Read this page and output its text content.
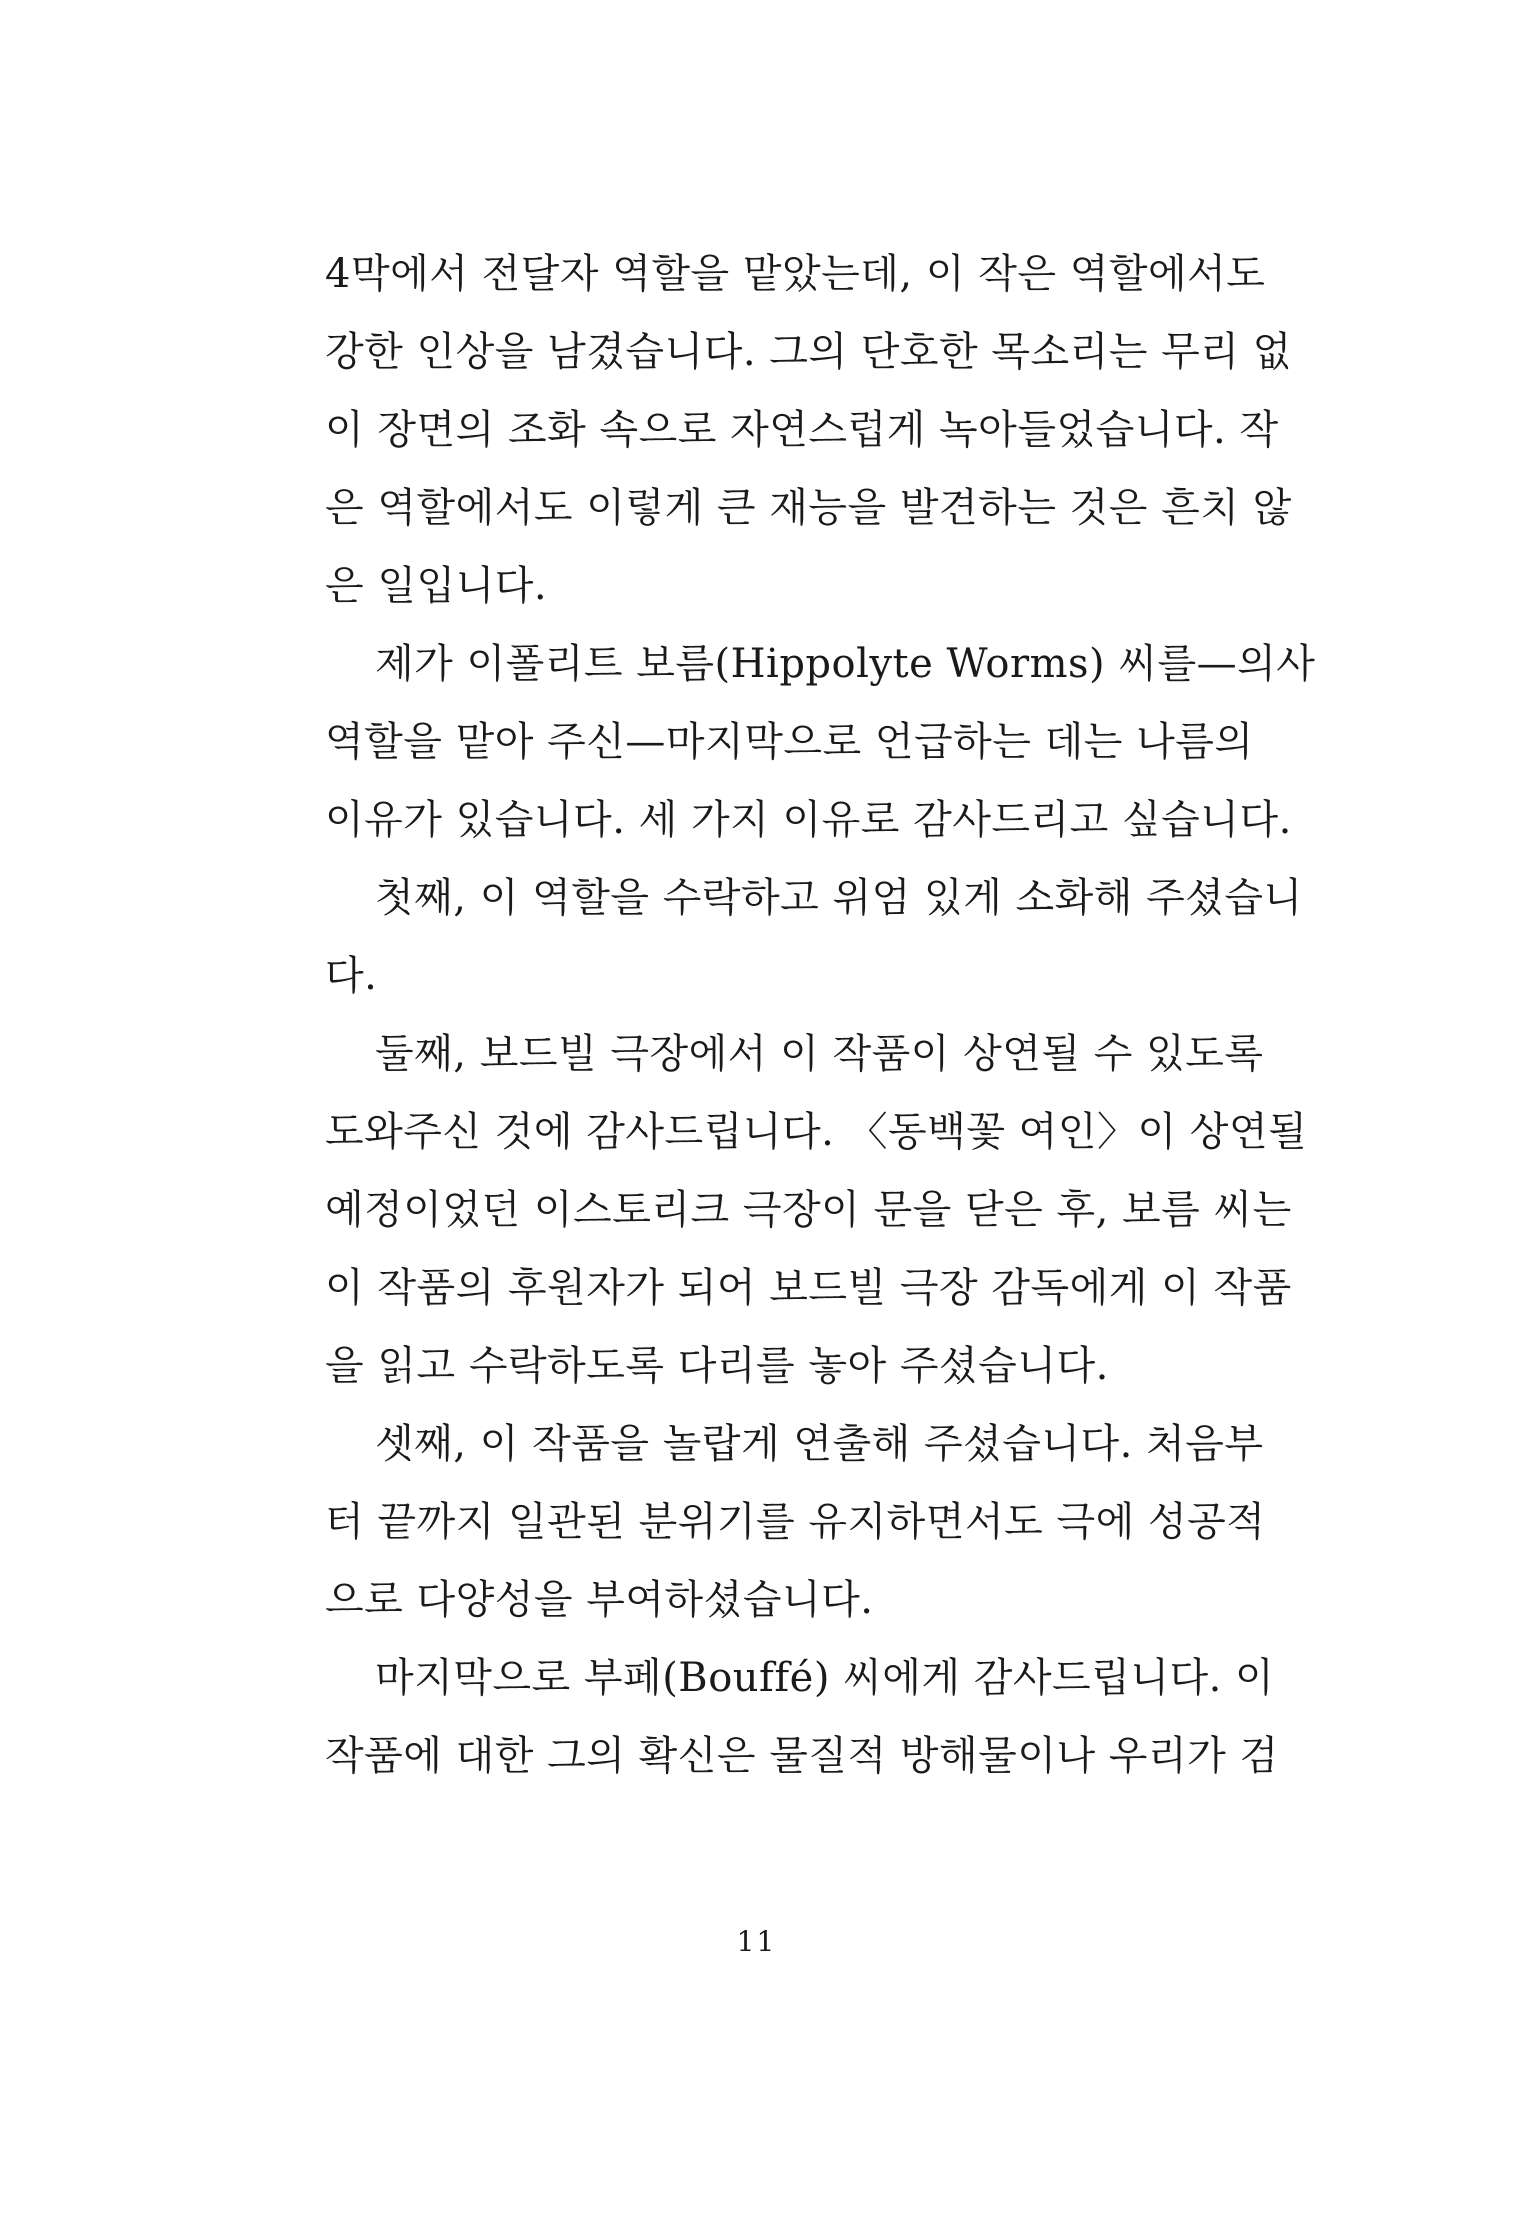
4막에서 전달자 역할을 맡았는데, 이 작은 역할에서도
강한 인상을 남겼습니다. 그의 단호한 목소리는 무리 없
이 장면의 조화 속으로 자연스럽게 녹아들었습니다. 작
은 역할에서도 이렇게 큰 재능을 발견하는 것은 흔치 않
은 일입니다.
제가 이폴리트 보름(Hippolyte Worms) 씨를—의사
역할을 맡아 주신—마지막으로 언급하는 데는 나름의
이유가 있습니다. 세 가지 이유로 감사드리고 싶습니다.
첫째, 이 역할을 수락하고 위엄 있게 소화해 주셨습니
다.
둘째, 보드빌 극장에서 이 작품이 상연될 수 있도록
도와주신 것에 감사드립니다. 〈동백꽃 여인〉이 상연될
예정이었던 이스토리크 극장이 문을 닫은 후, 보름 씨는
이 작품의 후원자가 되어 보드빌 극장 감독에게 이 작품
을 읽고 수락하도록 다리를 놓아 주셨습니다.
셋째, 이 작품을 놀랍게 연출해 주셨습니다. 처음부
터 끝까지 일관된 분위기를 유지하면서도 극에 성공적
으로 다양성을 부여하셨습니다.
마지막으로 부페(Bouffé) 씨에게 감사드립니다. 이
작품에 대한 그의 확신은 물질적 방해물이나 우리가 검
11
